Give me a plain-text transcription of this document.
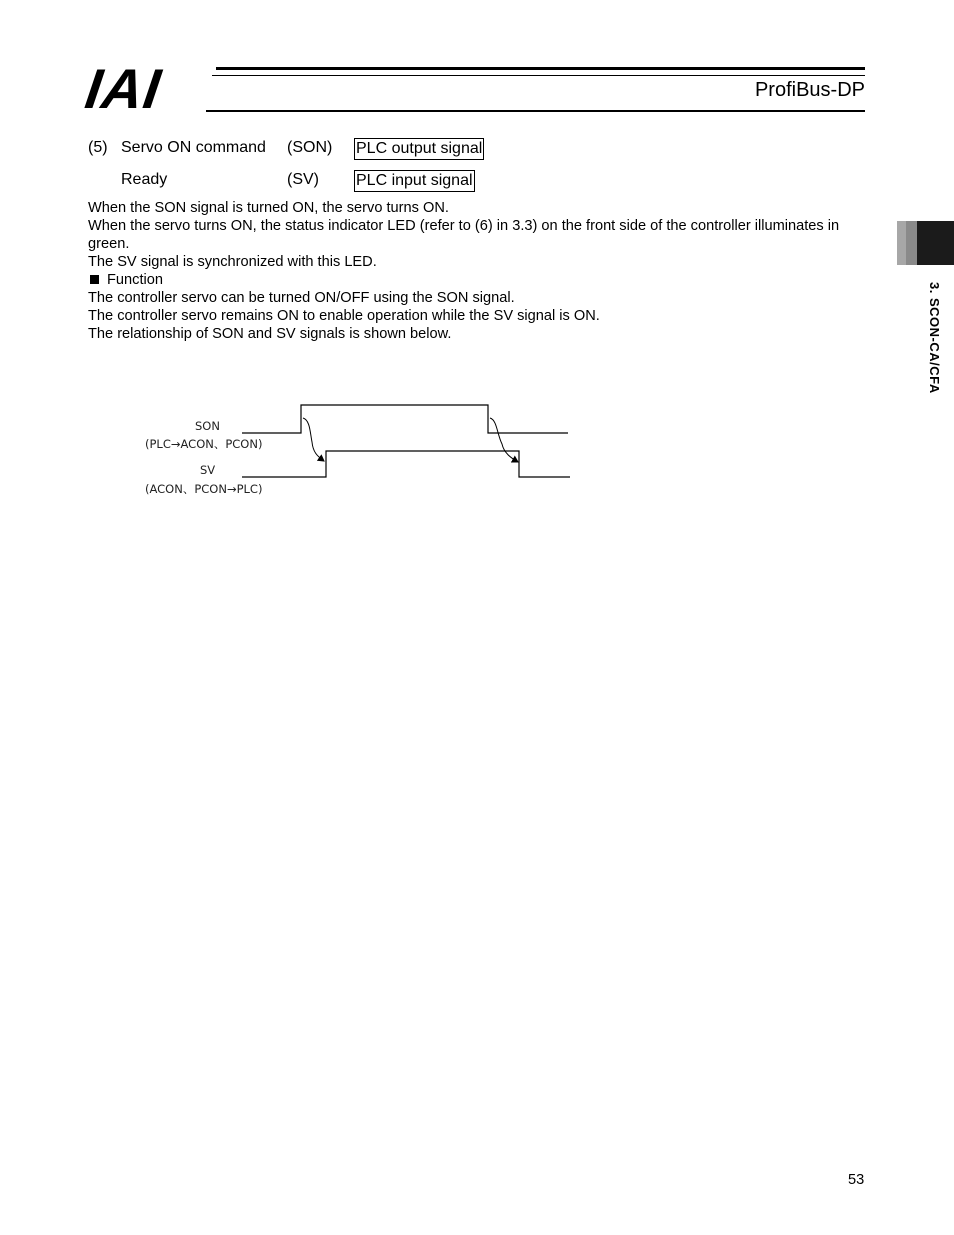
IAI	ProfiBus-DP
(5) Servo ON command (SON) PLC output signal
Ready	(SV) PLC input signal

When the SON signal is turned ON, the servo turns ON.

When the servo turns ON, the status indicator LED (refer to (6) in 3.3) on the front side of the controller illuminates in green.

The SV signal is synchronized with this LED.

Function

The controller servo can be turned ON/OFF using the SON signal.

The controller servo remains ON to enable operation while the SV signal is ON.

The relationship of SON and SV signals is shown below.

SON
(PLC→ACON、PCON)
SV
(ACON、PCON→PLC)
3. SCON-CA/CFA
53
